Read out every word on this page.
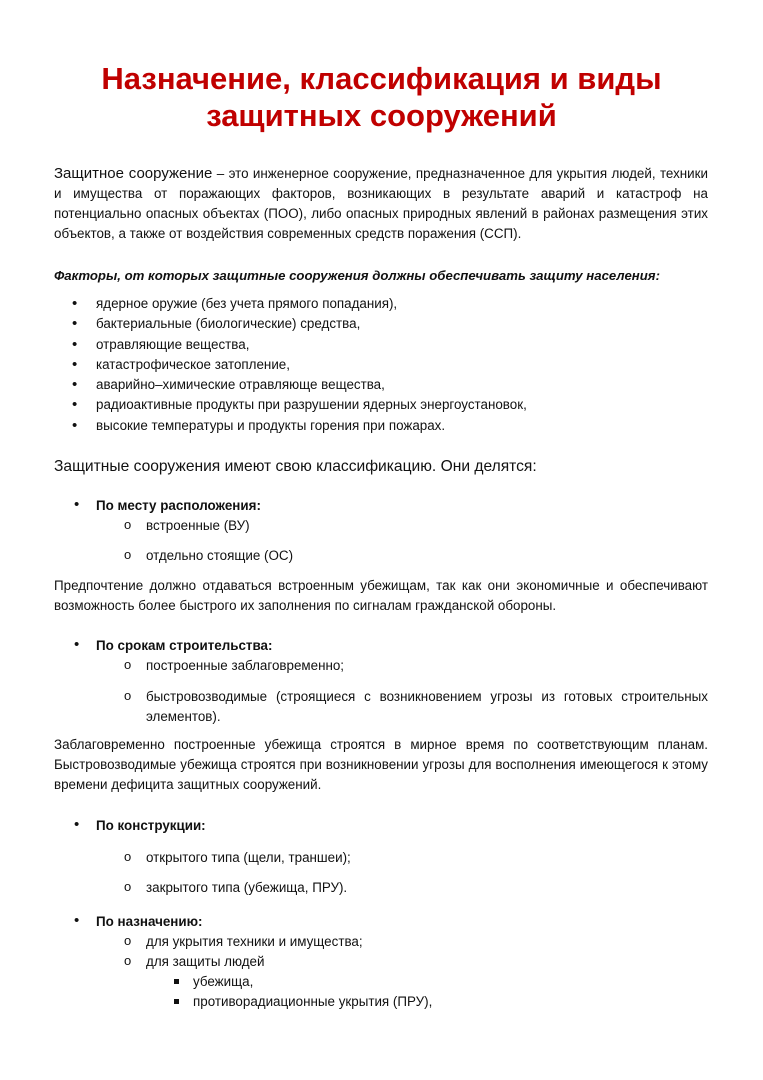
Назначение, классификация и виды защитных сооружений

Защитное сооружение – это инженерное сооружение, предназначенное для укрытия людей, техники и имущества от поражающих факторов, возникающих в результате аварий и катастроф на потенциально опасных объектах (ПОО), либо опасных природных явлений в районах размещения этих объектов, а также от воздействия современных средств поражения (ССП).

Факторы, от которых защитные сооружения должны обеспечивать защиту населения:

• ядерное оружие (без учета прямого попадания),
• бактериальные (биологические) средства,
• отравляющие вещества,
• катастрофическое затопление,
• аварийно–химические отравляюще вещества,
• радиоактивные продукты при разрушении ядерных энергоустановок,
• высокие температуры и продукты горения при пожарах.

Защитные сооружения имеют свою классификацию. Они делятся:

• По месту расположения:

o встроенные (ВУ)

o отдельно стоящие (ОС)

Предпочтение должно отдаваться встроенным убежищам, так как они экономичные и обеспечивают возможность более быстрого их заполнения по сигналам гражданской обороны.

• По срокам строительства:

o построенные заблаговременно;

o быстровозводимые (строящиеся с возникновением угрозы из готовых строительных элементов).

Заблаговременно построенные убежища строятся в мирное время по соответствующим планам. Быстровозводимые убежища строятся при возникновении угрозы для восполнения имеющегося к этому времени дефицита защитных сооружений.

• По конструкции:

o открытого типа (щели, траншеи);

o закрытого типа (убежища, ПРУ).

• По назначению:

o для укрытия техники и имущества;

o для защиты людей

убежища,

противорадиационные укрытия (ПРУ),
